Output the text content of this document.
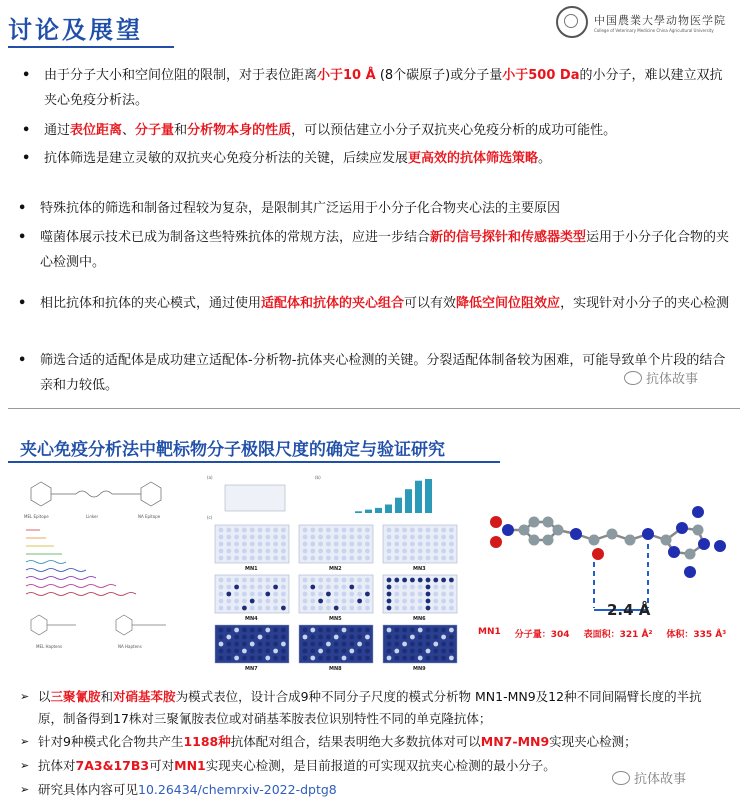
讨论及展望	中国農業大學动物医学院
College of Veterinary Medicine China Agricultural University
•	由于分子大小和空间位阻的限制，对于表位距离小于10 Å (8个碳原子)或分子量小于500 Da的小分子，难以建立双抗夹心免疫分析法。
•	通过表位距离、分子量和分析物本身的性质，可以预估建立小分子双抗夹心免疫分析的成功可能性。
•	抗体筛选是建立灵敏的双抗夹心免疫分析法的关键，后续应发展更高效的抗体筛选策略。
•	特殊抗体的筛选和制备过程较为复杂，是限制其广泛运用于小分子化合物夹心法的主要原因
•	噬菌体展示技术已成为制备这些特殊抗体的常规方法，应进一步结合新的信号探针和传感器类型运用于小分子化合物的夹心检测中。
•	相比抗体和抗体的夹心模式，通过使用适配体和抗体的夹心组合可以有效降低空间位阻效应，实现针对小分子的夹心检测
•	筛选合适的适配体是成功建立适配体-分析物-抗体夹心检测的关键。分裂适配体制备较为困难，可能导致单个片段的结合亲和力较低。	抗体故事
夹心免疫分析法中靶标物分子极限尺度的确定与验证研究
MEL Epitope	Linker	NA Epitope
MEL Haptens	NA Haptens
(a)	(b)
(c)
MN1	MN2	MN3
MN4	MN5	MN6
MN7	MN8	MN9
2.4 Å
MN1 分子量：304 表面积：321 Å² 体积：335 Å³
➢ 以三聚氰胺和对硝基苯胺为模式表位，设计合成9种不同分子尺度的模式分析物 MN1-MN9及12种不同间隔臂长度的半抗原，制备得到17株对三聚氰胺表位或对硝基苯胺表位识别特性不同的单克隆抗体；
➢ 针对9种模式化合物共产生1188种抗体配对组合，结果表明绝大多数抗体对可以MN7-MN9实现夹心检测；
➢ 抗体对7A3&17B3可对MN1实现夹心检测，是目前报道的可实现双抗夹心检测的最小分子。
➢ 研究具体内容可见10.26434/chemrxiv-2022-dptg8
抗体故事
